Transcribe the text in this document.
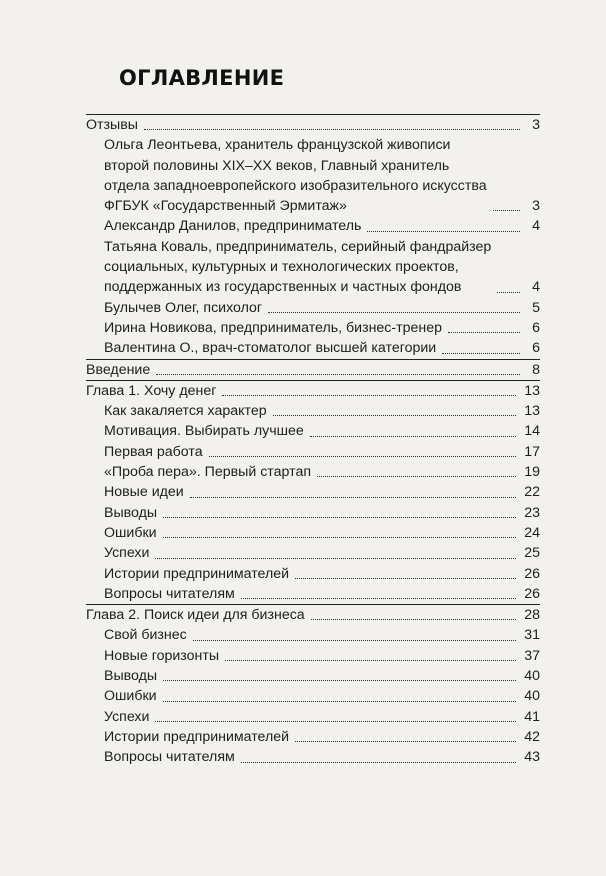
ОГЛАВЛЕНИЕ
Отзывы	3
Ольга Леонтьева, хранитель французской живописи
второй половины XIX–XX веков, Главный хранитель
отдела западноевропейского изобразительного искусства
ФГБУК «Государственный Эрмитаж»	3
Александр Данилов, предприниматель	4
Татьяна Коваль, предприниматель, серийный фандрайзер
социальных, культурных и технологических проектов,
поддержанных из государственных и частных фондов	4
Булычев Олег, психолог	5
Ирина Новикова, предприниматель, бизнес-тренер	6
Валентина О., врач-стоматолог высшей категории	6
Введение	8
Глава 1. Хочу денег	13
Как закаляется характер	13
Мотивация. Выбирать лучшее	14
Первая работа	17
«Проба пера». Первый стартап	19
Новые идеи	22
Выводы	23
Ошибки	24
Успехи	25
Истории предпринимателей	26
Вопросы читателям	26
Глава 2. Поиск идеи для бизнеса	28
Свой бизнес	31
Новые горизонты	37
Выводы	40
Ошибки	40
Успехи	41
Истории предпринимателей	42
Вопросы читателям	43
